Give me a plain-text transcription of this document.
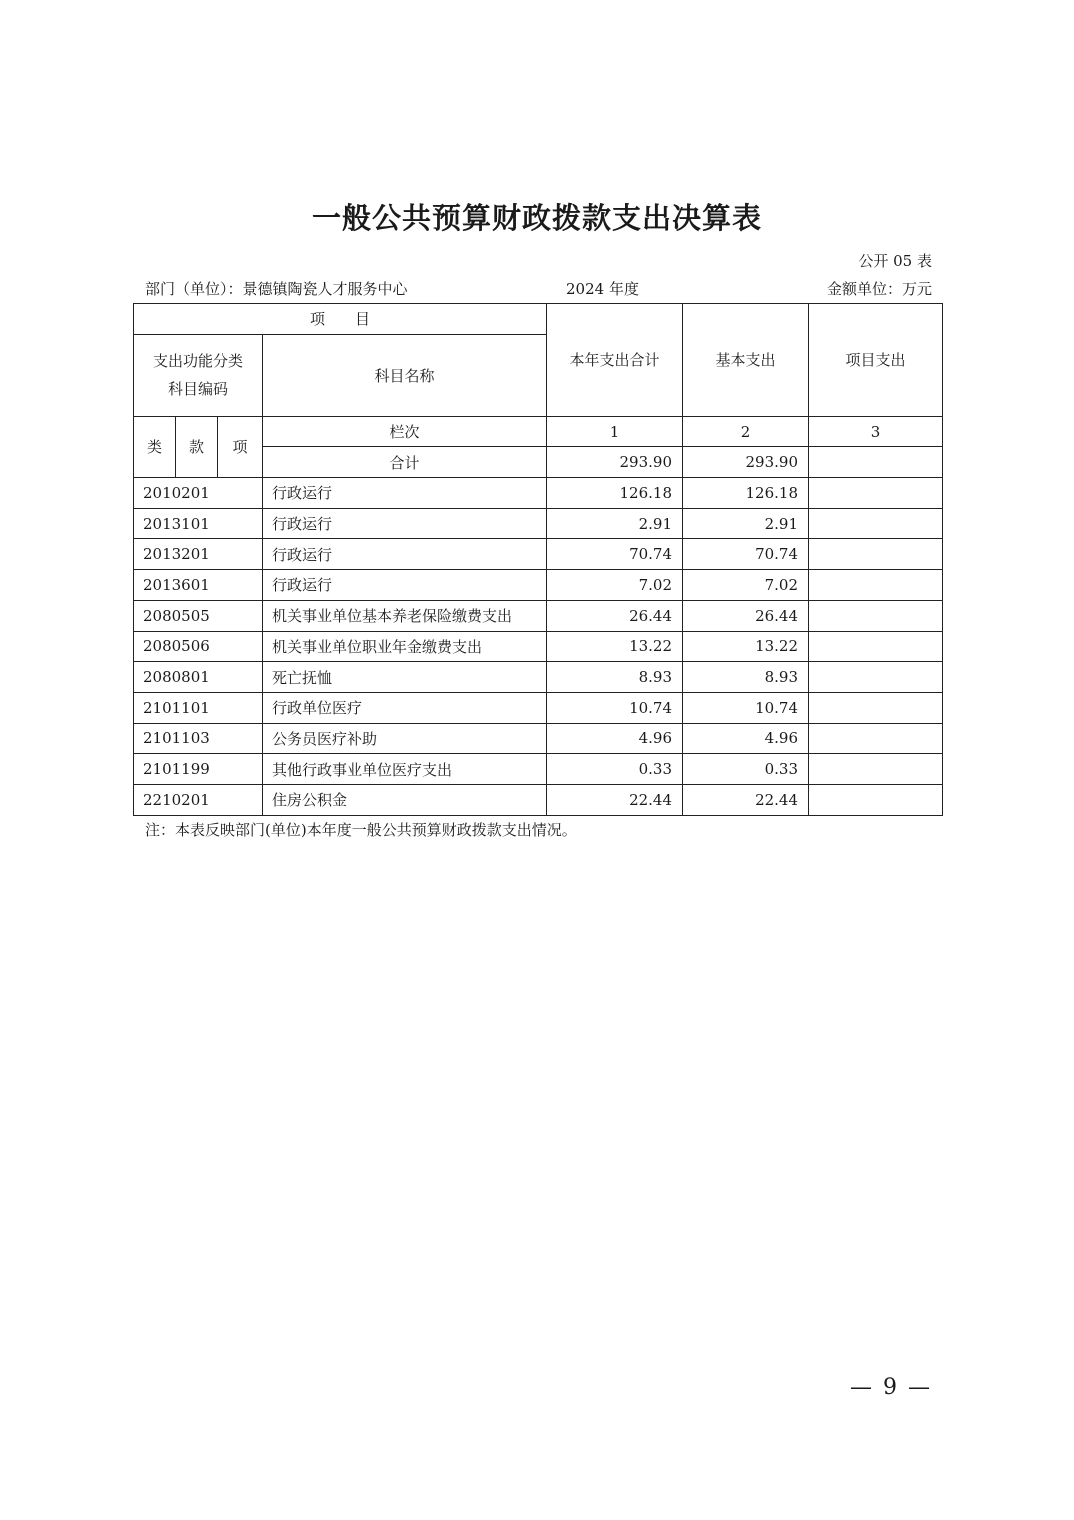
一般公共预算财政拨款支出决算表
公开 05 表
部门（单位）：景德镇陶瓷人才服务中心	2024 年度	金额单位：万元
项　　目				本年支出合计	基本支出	项目支出

支出功能分类
科目编码			科目名称			
类	款	项	栏次	1	2	3
			合计	293.90	293.90	
2010201			行政运行	126.18	126.18	
2013101			行政运行	2.91	2.91	
2013201			行政运行	70.74	70.74	
2013601			行政运行	7.02	7.02	
2080505			机关事业单位基本养老保险缴费支出	26.44	26.44	
2080506			机关事业单位职业年金缴费支出	13.22	13.22	
2080801			死亡抚恤	8.93	8.93	
2101101			行政单位医疗	10.74	10.74	
2101103			公务员医疗补助	4.96	4.96	
2101199			其他行政事业单位医疗支出	0.33	0.33	
2210201			住房公积金	22.44	22.44	
注：本表反映部门(单位)本年度一般公共预算财政拨款支出情况。
— 9 —
